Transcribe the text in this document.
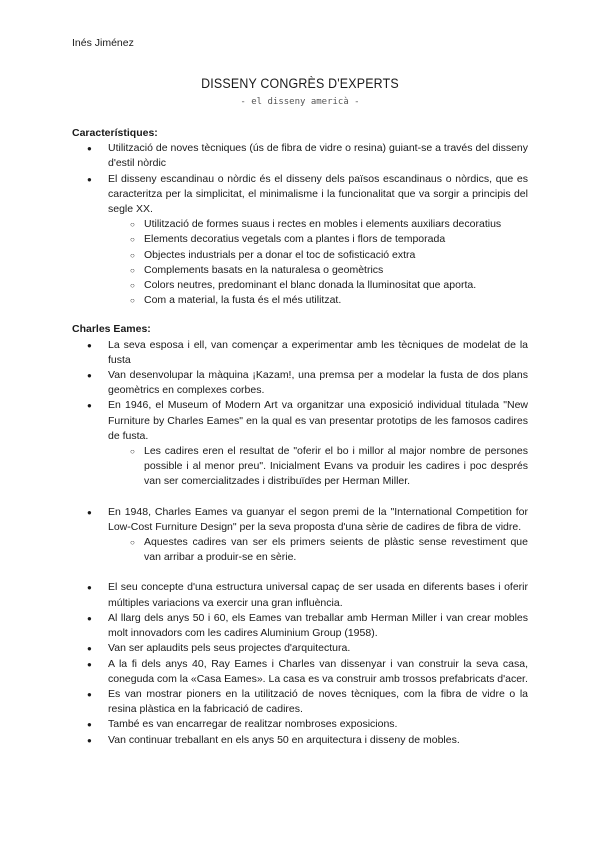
Inés Jiménez
DISSENY CONGRÈS D'EXPERTS
- el disseny americà -

Característiques:

● Utilització de noves tècniques (ús de fibra de vidre o resina) guiant-se a través del disseny d'estil nòrdic
● El disseny escandinau o nòrdic és el disseny dels països escandinaus o nòrdics, que es caracteritza per la simplicitat, el minimalisme i la funcionalitat que va sorgir a principis del segle XX.
○ Utilització de formes suaus i rectes en mobles i elements auxiliars decoratius
○ Elements decoratius vegetals com a plantes i flors de temporada
○ Objectes industrials per a donar el toc de sofisticació extra
○ Complements basats en la naturalesa o geomètrics
○ Colors neutres, predominant el blanc donada la lluminositat que aporta.
○ Com a material, la fusta és el més utilitzat.

Charles Eames:

● La seva esposa i ell, van començar a experimentar amb les tècniques de modelat de la fusta
● Van desenvolupar la màquina ¡Kazam!, una premsa per a modelar la fusta de dos plans geomètrics en complexes corbes.
● En 1946, el Museum of Modern Art va organitzar una exposició individual titulada "New Furniture by Charles Eames" en la qual es van presentar prototips de les famosos cadires de fusta.
○ Les cadires eren el resultat de "oferir el bo i millor al major nombre de persones possible i al menor preu". Inicialment Evans va produir les cadires i poc després van ser comercialitzades i distribuïdes per Herman Miller.
● En 1948, Charles Eames va guanyar el segon premi de la "International Competition for Low-Cost Furniture Design" per la seva proposta d'una sèrie de cadires de fibra de vidre.
○ Aquestes cadires van ser els primers seients de plàstic sense revestiment que van arribar a produir-se en sèrie.
● El seu concepte d'una estructura universal capaç de ser usada en diferents bases i oferir múltiples variacions va exercir una gran influència.
● Al llarg dels anys 50 i 60, els Eames van treballar amb Herman Miller i van crear mobles molt innovadors com les cadires Aluminium Group (1958).
● Van ser aplaudits pels seus projectes d'arquitectura.
● A la fi dels anys 40, Ray Eames i Charles van dissenyar i van construir la seva casa, coneguda com la «Casa Eames». La casa es va construir amb trossos prefabricats d'acer.
● Es van mostrar pioners en la utilització de noves tècniques, com la fibra de vidre o la resina plàstica en la fabricació de cadires.
● També es van encarregar de realitzar nombroses exposicions.
● Van continuar treballant en els anys 50 en arquitectura i disseny de mobles.
